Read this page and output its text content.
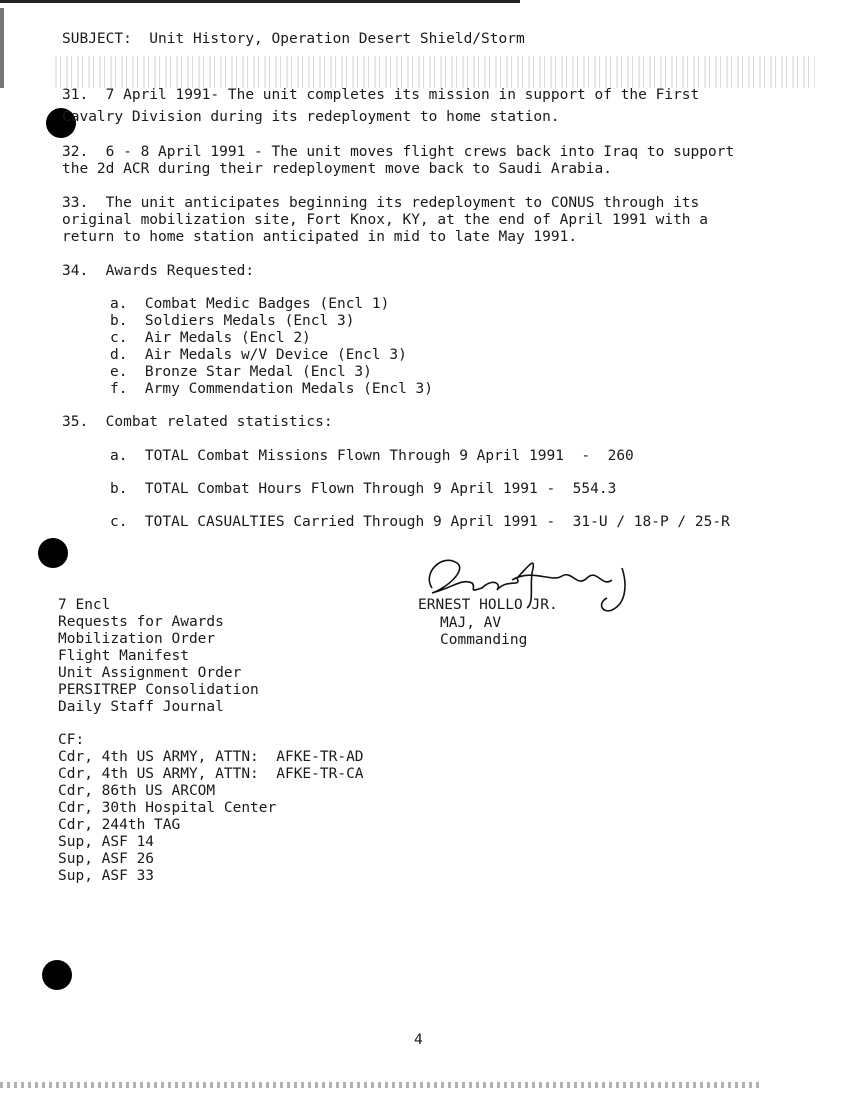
SUBJECT:  Unit History, Operation Desert Shield/Storm
31.  7 April 1991- The unit completes its mission in support of the First
Cavalry Division during its redeployment to home station.
32.  6 - 8 April 1991 - The unit moves flight crews back into Iraq to support
the 2d ACR during their redeployment move back to Saudi Arabia.
33.  The unit anticipates beginning its redeployment to CONUS through its
original mobilization site, Fort Knox, KY, at the end of April 1991 with a
return to home station anticipated in mid to late May 1991.
34.  Awards Requested:
a.  Combat Medic Badges (Encl 1)
b.  Soldiers Medals (Encl 3)
c.  Air Medals (Encl 2)
d.  Air Medals w/V Device (Encl 3)
e.  Bronze Star Medal (Encl 3)
f.  Army Commendation Medals (Encl 3)
35.  Combat related statistics:
a.  TOTAL Combat Missions Flown Through 9 April 1991  -  260
b.  TOTAL Combat Hours Flown Through 9 April 1991 -  554.3
c.  TOTAL CASUALTIES Carried Through 9 April 1991 -  31-U / 18-P / 25-R
ERNEST HOLLO JR.
MAJ, AV
Commanding
7 Encl
Requests for Awards
Mobilization Order
Flight Manifest
Unit Assignment Order
PERSITREP Consolidation
Daily Staff Journal
CF:
Cdr, 4th US ARMY, ATTN:  AFKE-TR-AD
Cdr, 4th US ARMY, ATTN:  AFKE-TR-CA
Cdr, 86th US ARCOM
Cdr, 30th Hospital Center
Cdr, 244th TAG
Sup, ASF 14
Sup, ASF 26
Sup, ASF 33
4
